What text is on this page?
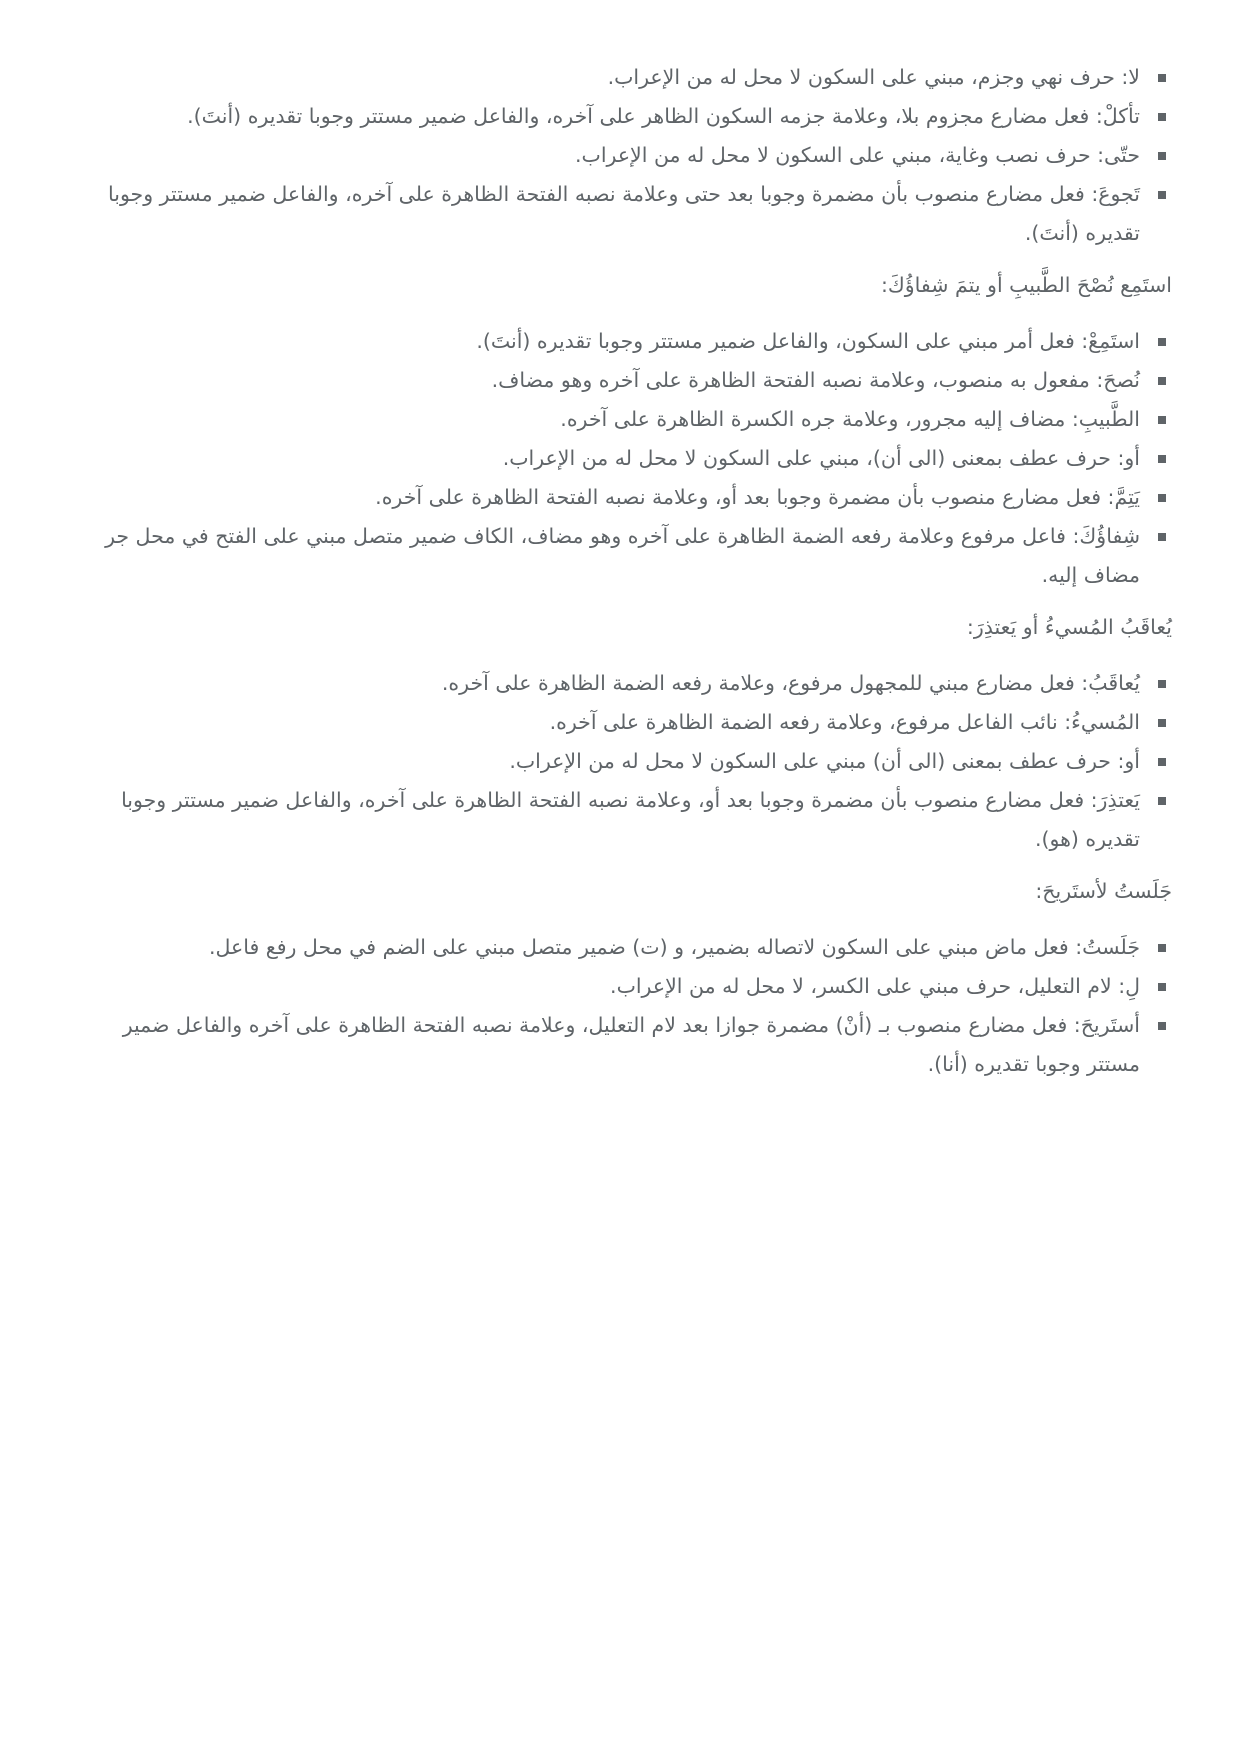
لا: حرف نهي وجزم، مبني على السكون لا محل له من الإعراب.
تأكلْ: فعل مضارع مجزوم بلا، وعلامة جزمه السكون الظاهر على آخره، والفاعل ضمير مستتر وجوبا تقديره (أنتَ).
حتّى: حرف نصب وغاية، مبني على السكون لا محل له من الإعراب.
تَجوعَ: فعل مضارع منصوب بأن مضمرة وجوبا بعد حتى وعلامة نصبه الفتحة الظاهرة على آخره، والفاعل ضمير مستتر وجوبا تقديره (أنتَ).

استَمِع نُصْحَ الطَّبيبِ أو يتمَ شِفاؤُكَ:

استَمِعْ: فعل أمر مبني على السكون، والفاعل ضمير مستتر وجوبا تقديره (أنتَ).
نُصحَ: مفعول به منصوب، وعلامة نصبه الفتحة الظاهرة على آخره وهو مضاف.
الطَّبيبِ: مضاف إليه مجرور، وعلامة جره الكسرة الظاهرة على آخره.
أو: حرف عطف بمعنى (الى أن)، مبني على السكون لا محل له من الإعراب.
يَتِمَّ: فعل مضارع منصوب بأن مضمرة وجوبا بعد أو، وعلامة نصبه الفتحة الظاهرة على آخره.
شِفاؤُكَ: فاعل مرفوع وعلامة رفعه الضمة الظاهرة على آخره وهو مضاف، الكاف ضمير متصل مبني على الفتح في محل جر مضاف إليه.

يُعاقَبُ المُسيءُ أو يَعتذِرَ:

يُعاقَبُ: فعل مضارع مبني للمجهول مرفوع، وعلامة رفعه الضمة الظاهرة على آخره.
المُسيءُ: نائب الفاعل مرفوع، وعلامة رفعه الضمة الظاهرة على آخره.
أو: حرف عطف بمعنى (الى أن) مبني على السكون لا محل له من الإعراب.
يَعتذِرَ: فعل مضارع منصوب بأن مضمرة وجوبا بعد أو، وعلامة نصبه الفتحة الظاهرة على آخره، والفاعل ضمير مستتر وجوبا تقديره (هو).

جَلَستُ لأستَريحَ:

جَلَستُ: فعل ماض مبني على السكون لاتصاله بضمير، و (ت) ضمير متصل مبني على الضم في محل رفع فاعل.
لِ: لام التعليل، حرف مبني على الكسر، لا محل له من الإعراب.
أستَريحَ: فعل مضارع منصوب بـ (أنْ) مضمرة جوازا بعد لام التعليل، وعلامة نصبه الفتحة الظاهرة على آخره والفاعل ضمير مستتر وجوبا تقديره (أنا).
